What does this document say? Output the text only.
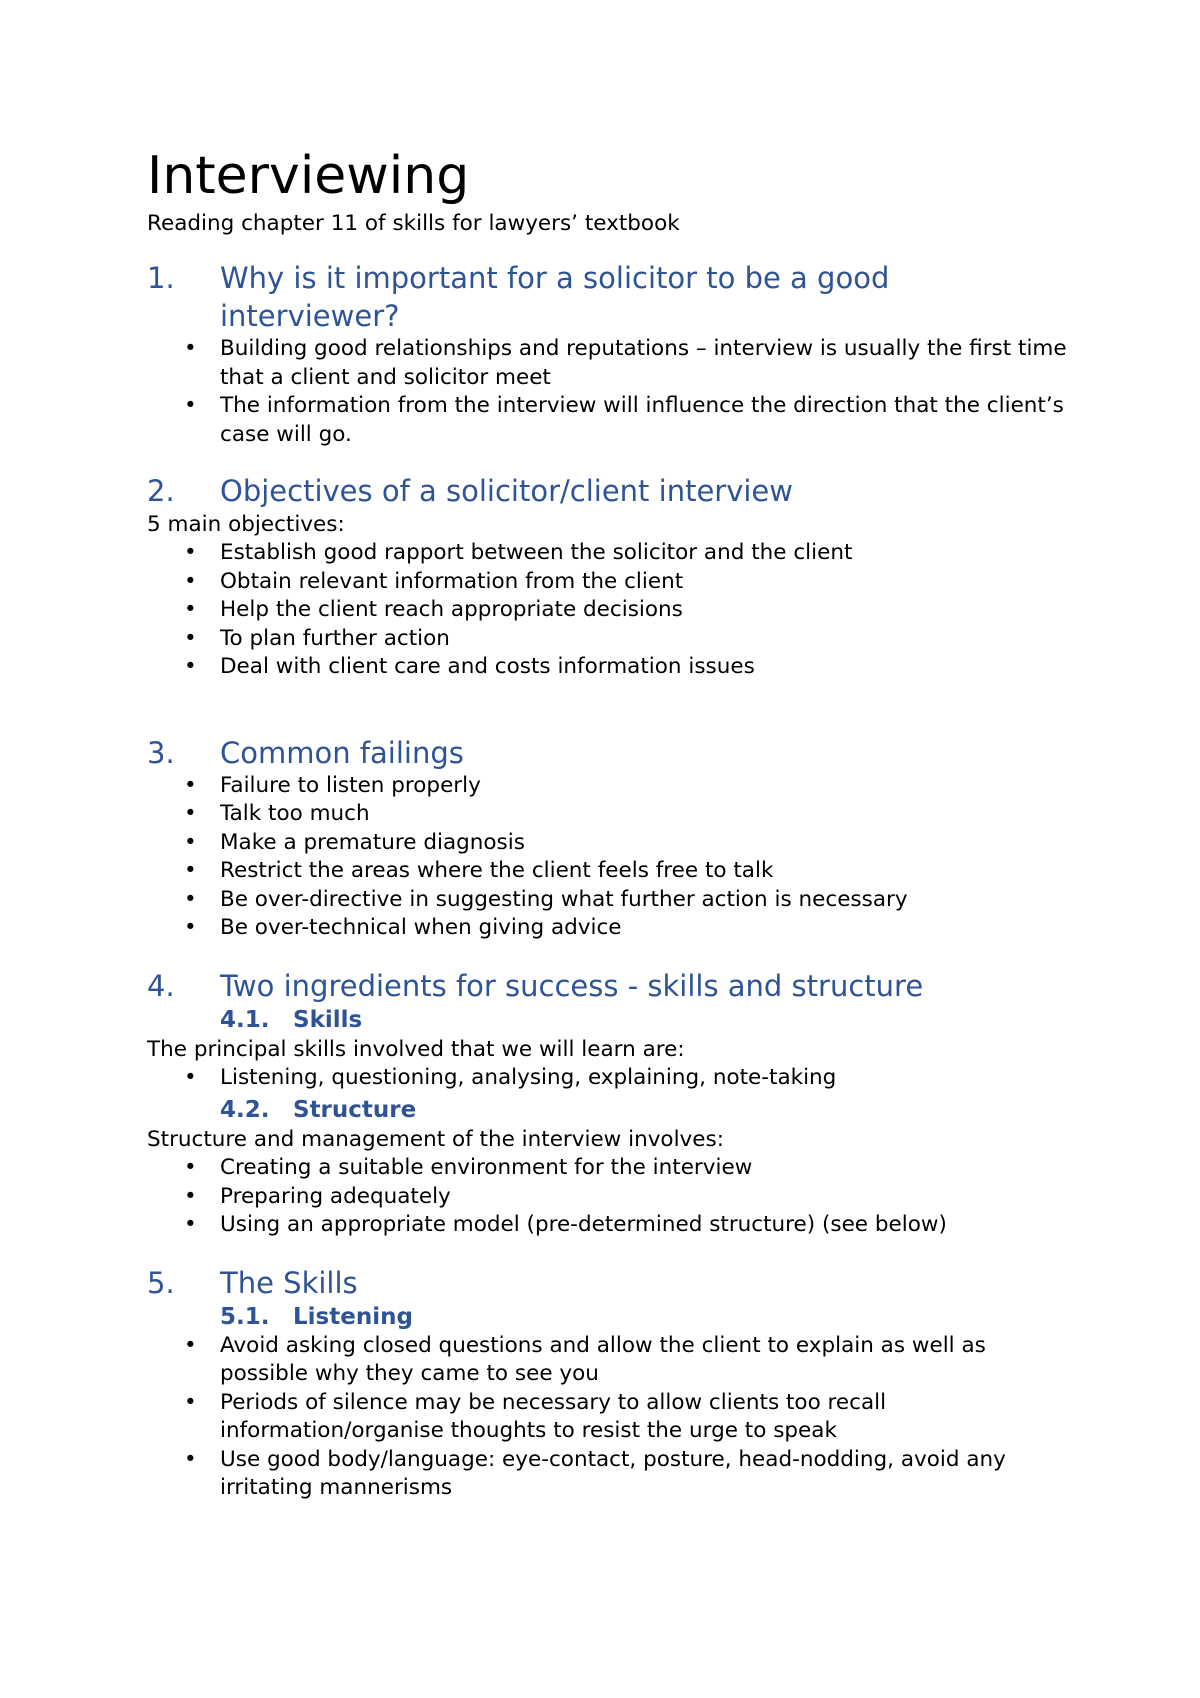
Interviewing

Reading chapter 11 of skills for lawyers’ textbook

1.	Why is it important for a solicitor to be a good interviewer?
• Building good relationships and reputations – interview is usually the first time that a client and solicitor meet
• The information from the interview will influence the direction that the client’s case will go.
2.	Objectives of a solicitor/client interview

5 main objectives:

• Establish good rapport between the solicitor and the client
• Obtain relevant information from the client
• Help the client reach appropriate decisions
• To plan further action
• Deal with client care and costs information issues
3.	Common failings
• Failure to listen properly
• Talk too much
• Make a premature diagnosis
• Restrict the areas where the client feels free to talk
• Be over-directive in suggesting what further action is necessary
• Be over-technical when giving advice
4.	Two ingredients for success - skills and structure
4.1.	Skills

The principal skills involved that we will learn are:

• Listening, questioning, analysing, explaining, note-taking
4.2.	Structure

Structure and management of the interview involves:

• Creating a suitable environment for the interview
• Preparing adequately
• Using an appropriate model (pre-determined structure) (see below)
5.	The Skills
5.1.	Listening
• Avoid asking closed questions and allow the client to explain as well as possible why they came to see you
• Periods of silence may be necessary to allow clients too recall information/organise thoughts to resist the urge to speak
• Use good body/language: eye-contact, posture, head-nodding, avoid any irritating mannerisms
